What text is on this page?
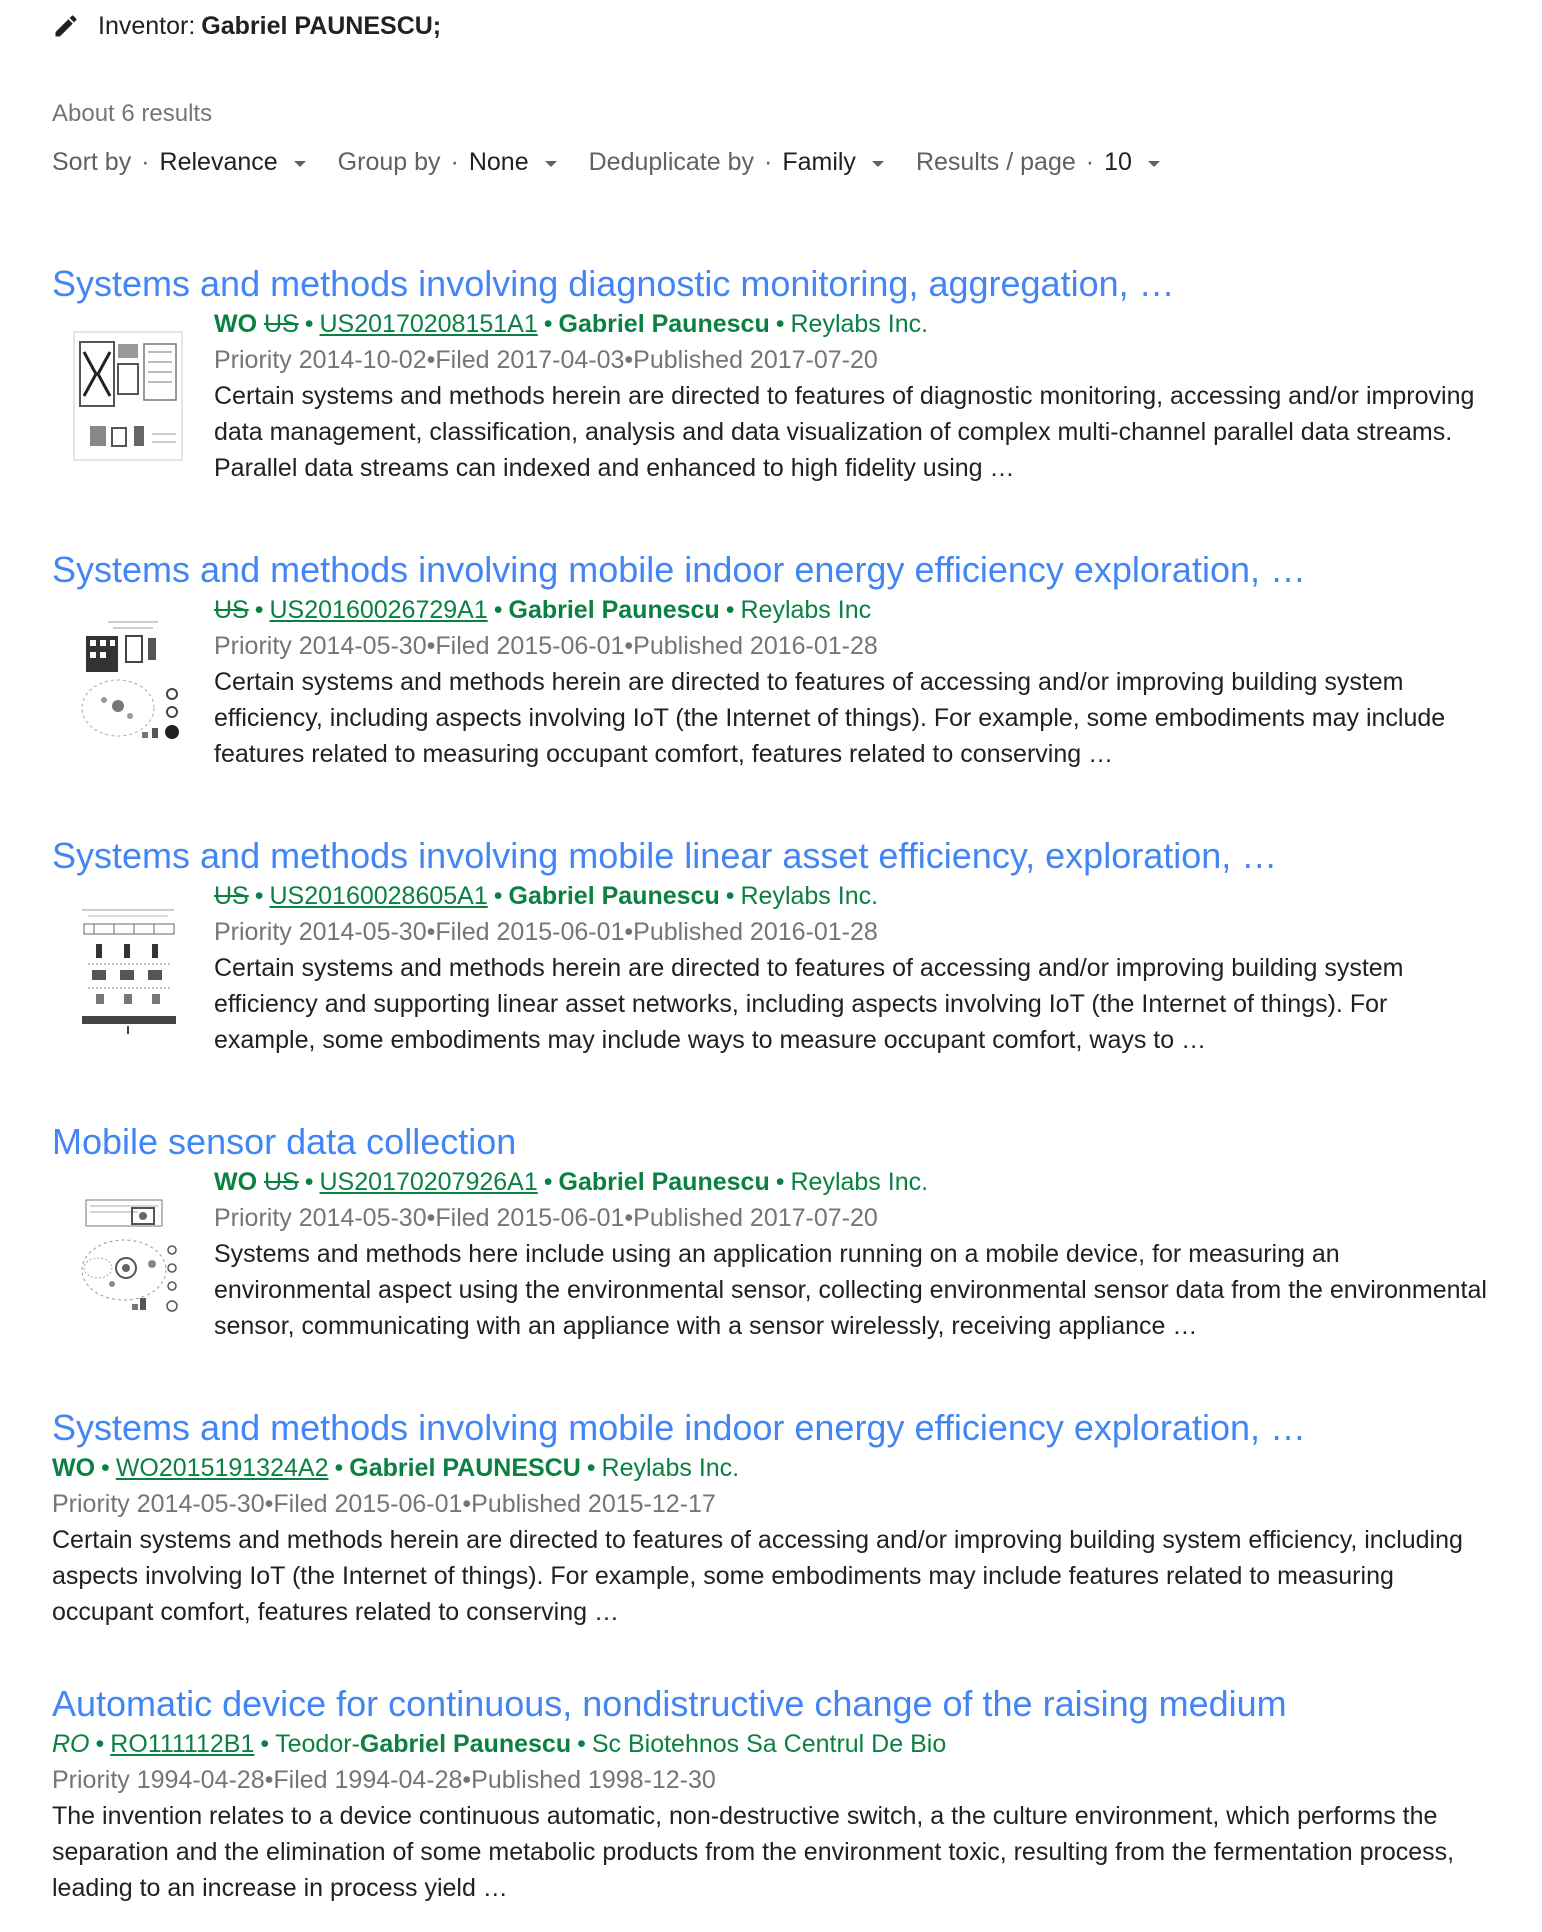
Inventor: Gabriel PAUNESCU;
About 6 results
Sort by · Relevance Group by · None Deduplicate by · Family Results / page · 10
Systems and methods involving diagnostic monitoring, aggregation, …
WO US • US20170208151A1 • Gabriel Paunescu • Reylabs Inc.
Priority 2014-10-02•Filed 2017-04-03•Published 2017-07-20
Certain systems and methods herein are directed to features of diagnostic monitoring, accessing and/or improving data management, classification, analysis and data visualization of complex multi-channel parallel data streams. Parallel data streams can indexed and enhanced to high fidelity using …
Systems and methods involving mobile indoor energy efficiency exploration, …
US • US20160026729A1 • Gabriel Paunescu • Reylabs Inc
Priority 2014-05-30•Filed 2015-06-01•Published 2016-01-28
Certain systems and methods herein are directed to features of accessing and/or improving building system efficiency, including aspects involving IoT (the Internet of things). For example, some embodiments may include features related to measuring occupant comfort, features related to conserving …
Systems and methods involving mobile linear asset efficiency, exploration, …
US • US20160028605A1 • Gabriel Paunescu • Reylabs Inc.
Priority 2014-05-30•Filed 2015-06-01•Published 2016-01-28
Certain systems and methods herein are directed to features of accessing and/or improving building system efficiency and supporting linear asset networks, including aspects involving IoT (the Internet of things). For example, some embodiments may include ways to measure occupant comfort, ways to …
Mobile sensor data collection
WO US • US20170207926A1 • Gabriel Paunescu • Reylabs Inc.
Priority 2014-05-30•Filed 2015-06-01•Published 2017-07-20
Systems and methods here include using an application running on a mobile device, for measuring an environmental aspect using the environmental sensor, collecting environmental sensor data from the environmental sensor, communicating with an appliance with a sensor wirelessly, receiving appliance …
Systems and methods involving mobile indoor energy efficiency exploration, …
WO • WO2015191324A2 • Gabriel PAUNESCU • Reylabs Inc.
Priority 2014-05-30•Filed 2015-06-01•Published 2015-12-17
Certain systems and methods herein are directed to features of accessing and/or improving building system efficiency, including aspects involving IoT (the Internet of things). For example, some embodiments may include features related to measuring occupant comfort, features related to conserving …
Automatic device for continuous, nondistructive change of the raising medium
RO • RO111112B1 • Teodor-Gabriel Paunescu • Sc Biotehnos Sa Centrul De Bio
Priority 1994-04-28•Filed 1994-04-28•Published 1998-12-30
The invention relates to a device continuous automatic, non-destructive switch, a the culture environment, which performs the separation and the elimination of some metabolic products from the environment toxic, resulting from the fermentation process, leading to an increase in process yield …
